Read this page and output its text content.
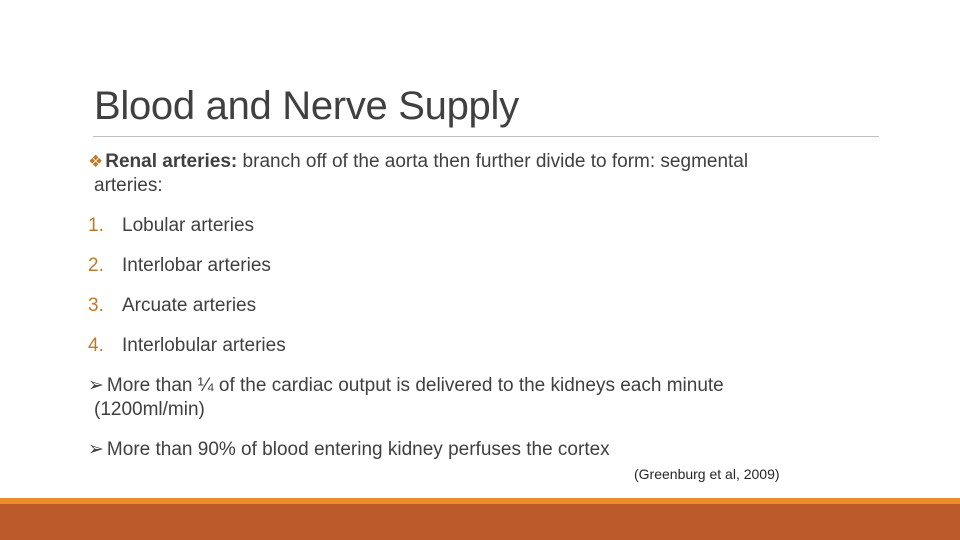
Blood and Nerve Supply
❖ Renal arteries: branch off of the aorta then further divide to form: segmental
arteries:
1. Lobular arteries
2. Interlobar arteries
3. Arcuate arteries
4. Interlobular arteries
➢ More than ¼ of the cardiac output is delivered to the kidneys each minute
(1200ml/min)
➢ More than 90% of blood entering kidney perfuses the cortex
(Greenburg et al, 2009)
